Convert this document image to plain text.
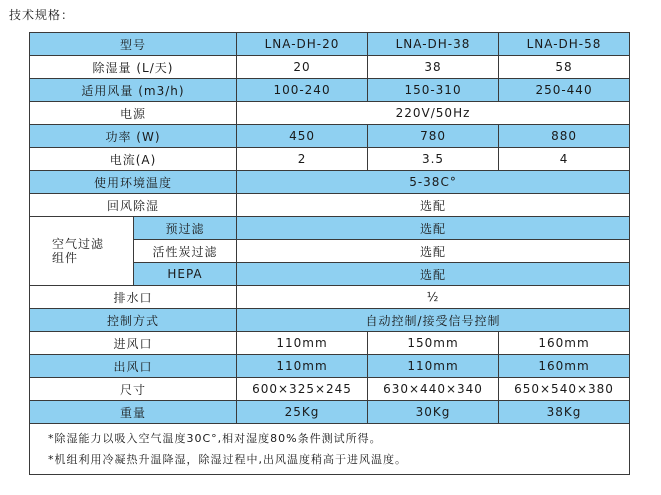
技术规格：
型号		LNA-DH-20	LNA-DH-38	LNA-DH-58
除湿量 (L/天)		20	38	58
适用风量 (m3/h)		100-240	150-310	250-440
电源		220V/50Hz		
功率 (W)		450	780	880
电流(A)		2	3.5	4
使用环境温度		5-38C°		
回风除湿		选配		

空气过滤
组件	预过滤	选配		
	活性炭过滤	选配		
	HEPA	选配		
排水口		½		
控制方式		自动控制/接受信号控制		
进风口		110mm	150mm	160mm
出风口		110mm	110mm	160mm
尺寸		600×325×245	630×440×340	650×540×380
重量		25Kg	30Kg	38Kg

*除湿能力以吸入空气温度30C°,相对湿度80%条件测试所得。
*机组利用冷凝热升温降湿，除湿过程中,出风温度稍高于进风温度。				
